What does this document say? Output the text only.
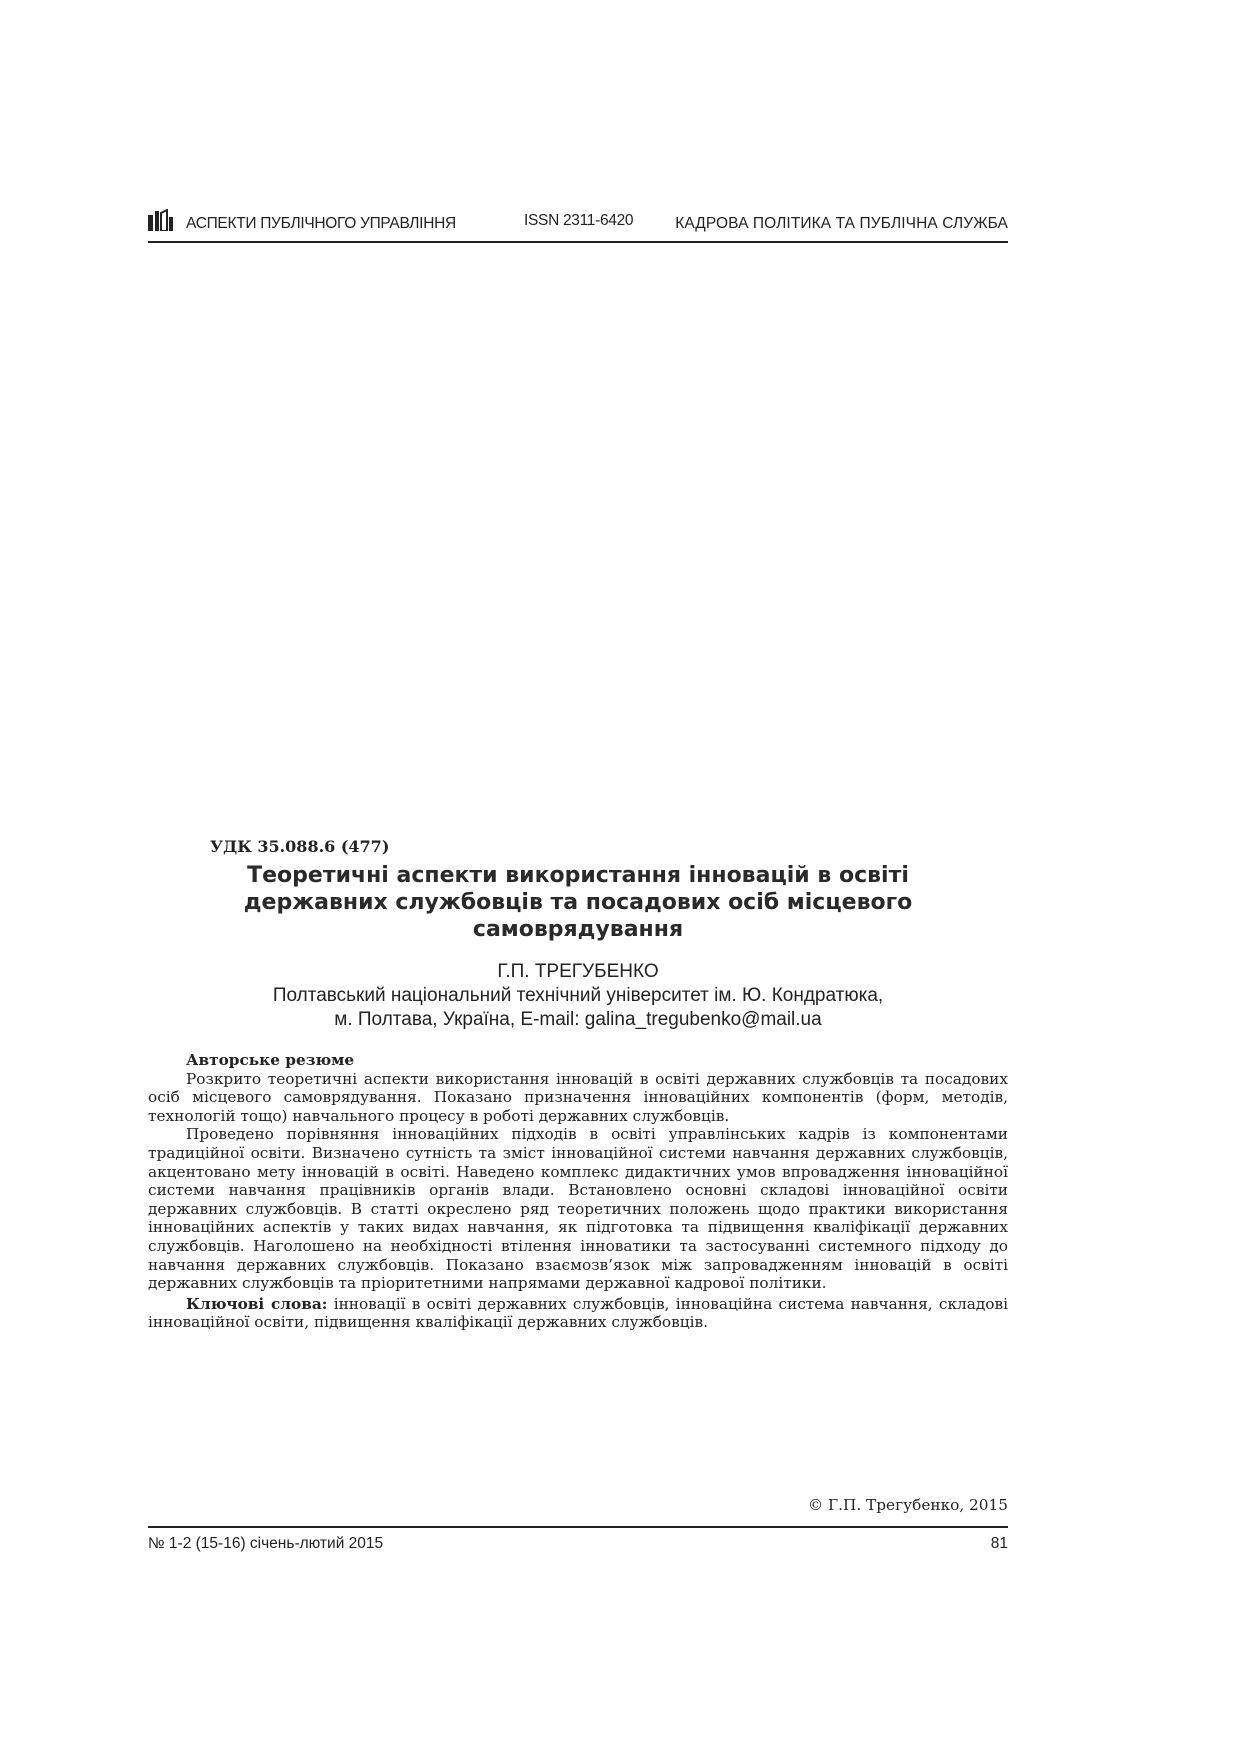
АСПЕКТИ ПУБЛІЧНОГО УПРАВЛІННЯ	ISSN 2311-6420	КАДРОВА ПОЛІТИКА ТА ПУБЛІЧНА СЛУЖБА
УДК 35.088.6 (477)
Теоретичні аспекти використання інновацій в освіті
державних службовців та посадових осіб місцевого
самоврядування
Г.П. ТРЕГУБЕНКО
Полтавський національний технічний університет ім. Ю. Кондратюка,
м. Полтава, Україна, E-mail: galina_tregubenko@mail.ua
Авторське резюме

Розкрито теоретичні аспекти використання інновацій в освіті державних службовців та посадових осіб місцевого самоврядування. Показано призначення інноваційних компонентів (форм, методів, технологій тощо) навчального процесу в роботі державних службовців.

Проведено порівняння інноваційних підходів в освіті управлінських кадрів із компонентами традиційної освіти. Визначено сутність та зміст інноваційної системи навчання державних службовців, акцентовано мету інновацій в освіті. Наведено комплекс дидактичних умов впровадження інноваційної системи навчання працівників органів влади. Встановлено основні складові інноваційної освіти державних службовців. В статті окреслено ряд теоретичних положень щодо практики використання інноваційних аспектів у таких видах навчання, як підготовка та підвищення кваліфікації державних службовців. Наголошено на необхідності втілення інноватики та застосуванні системного підходу до навчання державних службовців. Показано взаємозв’язок між запровадженням інновацій в освіті державних службовців та пріоритетними напрямами державної кадрової політики.

Ключові слова: інновації в освіті державних службовців, інноваційна система навчання, складові інноваційної освіти, підвищення кваліфікації державних службовців.

© Г.П. Трегубенко, 2015
№ 1-2 (15-16) січень-лютий 2015	81
